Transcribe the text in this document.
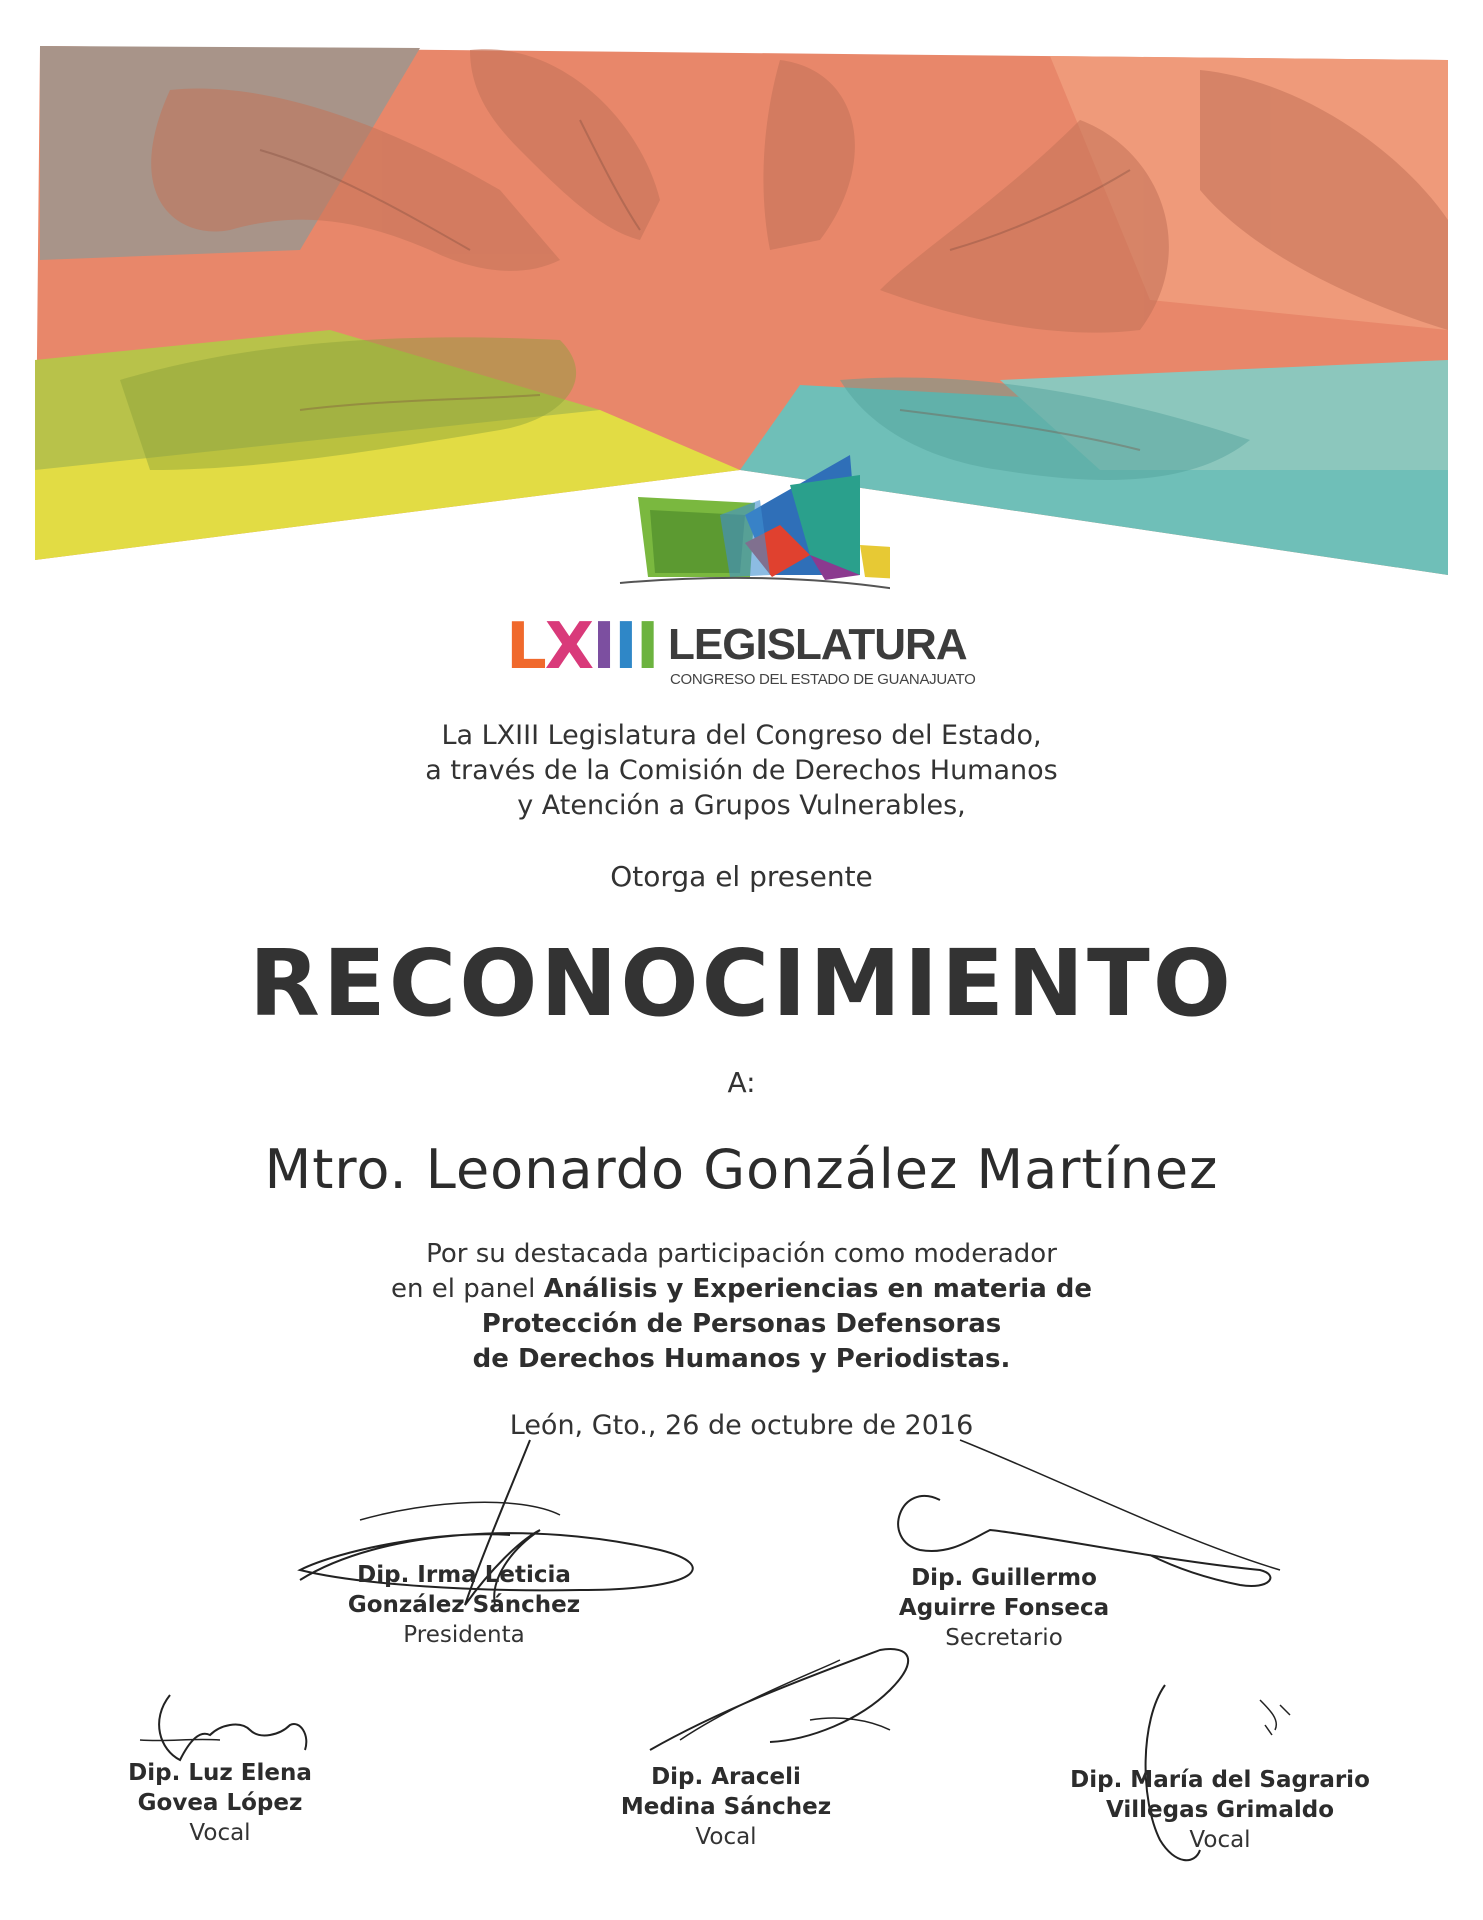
LXIII LEGISLATURA
CONGRESO DEL ESTADO DE GUANAJUATO
La LXIII Legislatura del Congreso del Estado,
a través de la Comisión de Derechos Humanos
y Atención a Grupos Vulnerables,
Otorga el presente
RECONOCIMIENTO
A:
Mtro. Leonardo González Martínez
Por su destacada participación como moderador
en el panel Análisis y Experiencias en materia de
Protección de Personas Defensoras
de Derechos Humanos y Periodistas.
León, Gto., 26 de octubre de 2016
Dip. Irma Leticia
González Sánchez
Presidenta
Dip. Guillermo
Aguirre Fonseca
Secretario
Dip. Luz Elena
Govea López
Vocal
Dip. Araceli
Medina Sánchez
Vocal
Dip. María del Sagrario
Villegas Grimaldo
Vocal
